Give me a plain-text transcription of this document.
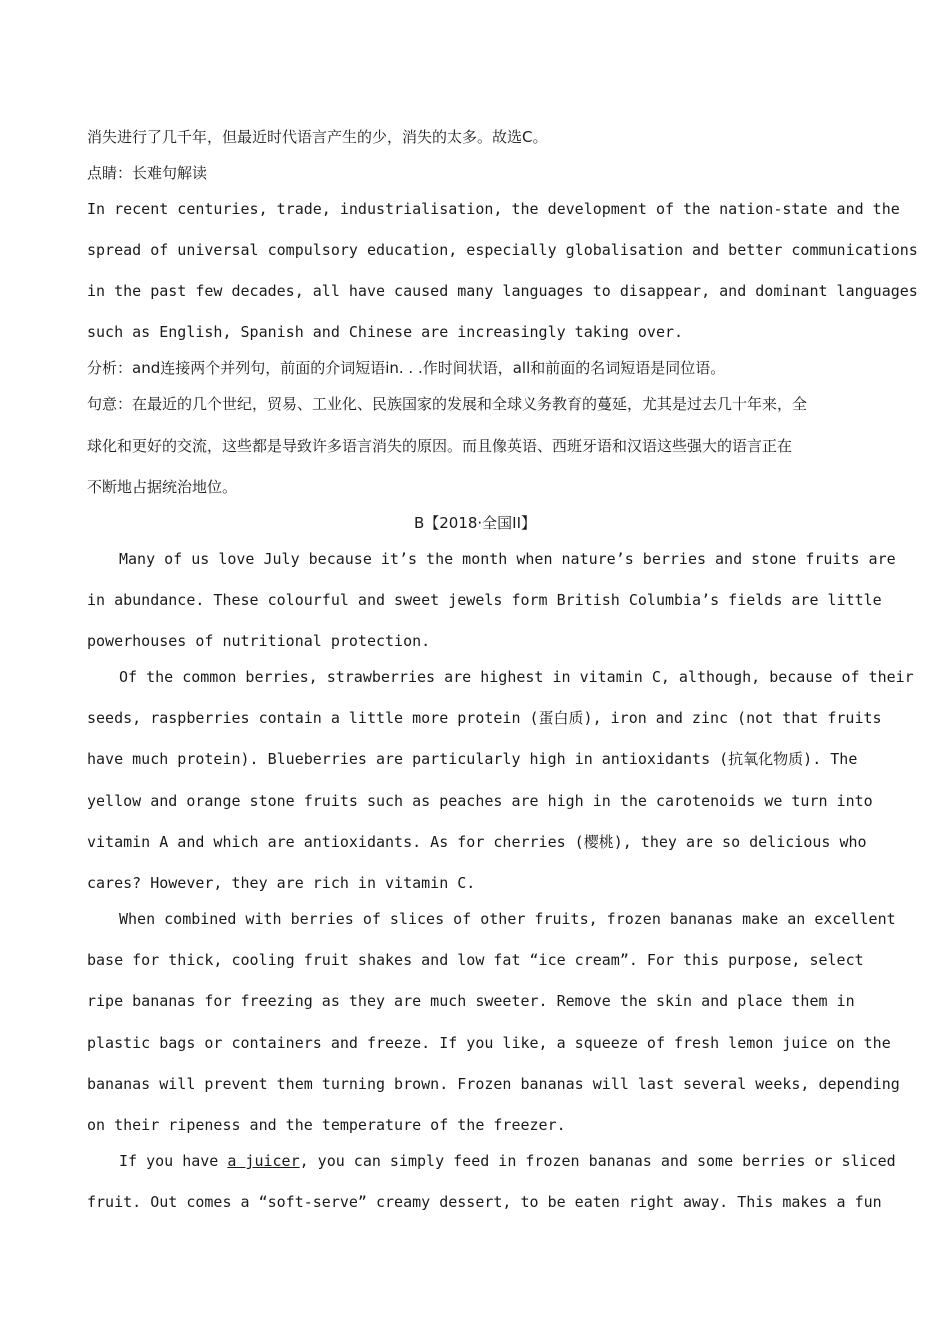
消失进行了几千年，但最近时代语言产生的少，消失的太多。故选C。
点睛：长难句解读
In recent centuries, trade, industrialisation, the development of the nation-state and the
spread of universal compulsory education, especially globalisation and better communications
in the past few decades, all have caused many languages to disappear, and dominant languages
such as English, Spanish and Chinese are increasingly taking over.
分析：and连接两个并列句，前面的介词短语in. . .作时间状语，all和前面的名词短语是同位语。
句意：在最近的几个世纪，贸易、工业化、民族国家的发展和全球义务教育的蔓延，尤其是过去几十年来，全
球化和更好的交流，这些都是导致许多语言消失的原因。而且像英语、西班牙语和汉语这些强大的语言正在
不断地占据统治地位。
B【2018·全国II】
Many of us love July because it’s the month when nature’s berries and stone fruits are
in abundance. These colourful and sweet jewels form British Columbia’s fields are little
powerhouses of nutritional protection.
Of the common berries, strawberries are highest in vitamin C, although, because of their
seeds, raspberries contain a little more protein (蛋白质), iron and zinc (not that fruits
have much protein). Blueberries are particularly high in antioxidants (抗氧化物质). The
yellow and orange stone fruits such as peaches are high in the carotenoids we turn into
vitamin A and which are antioxidants. As for cherries (樱桃), they are so delicious who
cares? However, they are rich in vitamin C.
When combined with berries of slices of other fruits, frozen bananas make an excellent
base for thick, cooling fruit shakes and low fat “ice cream”. For this purpose, select
ripe bananas for freezing as they are much sweeter. Remove the skin and place them in
plastic bags or containers and freeze. If you like, a squeeze of fresh lemon juice on the
bananas will prevent them turning brown. Frozen bananas will last several weeks, depending
on their ripeness and the temperature of the freezer.
If you have a juicer, you can simply feed in frozen bananas and some berries or sliced
fruit. Out comes a “soft-serve” creamy dessert, to be eaten right away. This makes a fun
